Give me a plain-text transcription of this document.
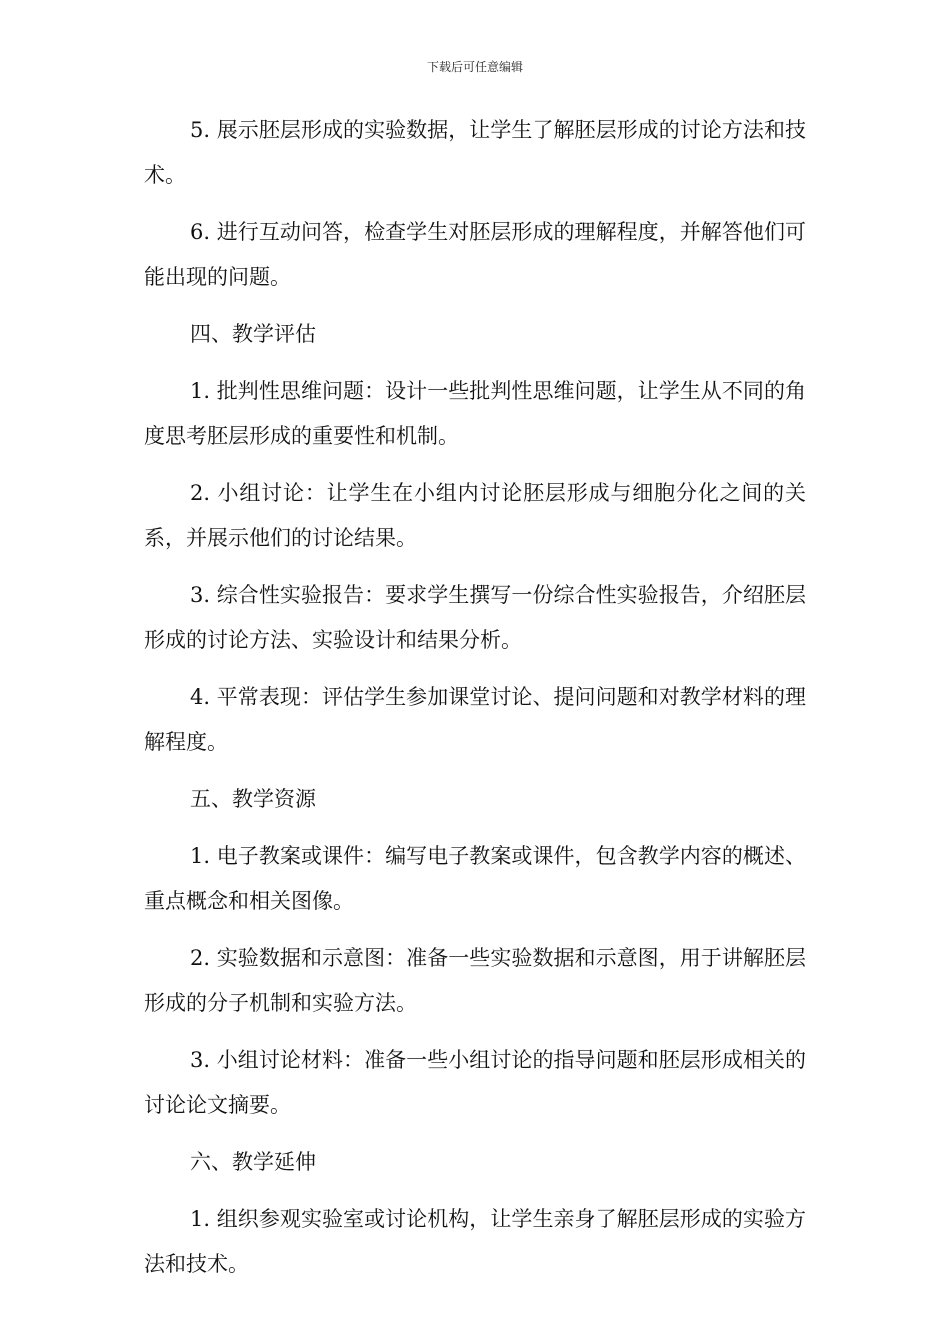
下载后可任意编辑

5. 展示胚层形成的实验数据，让学生了解胚层形成的讨论方法和技术。

6. 进行互动问答，检查学生对胚层形成的理解程度，并解答他们可能出现的问题。

四、教学评估

1. 批判性思维问题：设计一些批判性思维问题，让学生从不同的角度思考胚层形成的重要性和机制。

2. 小组讨论：让学生在小组内讨论胚层形成与细胞分化之间的关系，并展示他们的讨论结果。

3. 综合性实验报告：要求学生撰写一份综合性实验报告，介绍胚层形成的讨论方法、实验设计和结果分析。

4. 平常表现：评估学生参加课堂讨论、提问问题和对教学材料的理解程度。

五、教学资源

1. 电子教案或课件：编写电子教案或课件，包含教学内容的概述、重点概念和相关图像。

2. 实验数据和示意图：准备一些实验数据和示意图，用于讲解胚层形成的分子机制和实验方法。

3. 小组讨论材料：准备一些小组讨论的指导问题和胚层形成相关的讨论论文摘要。

六、教学延伸

1. 组织参观实验室或讨论机构，让学生亲身了解胚层形成的实验方法和技术。
